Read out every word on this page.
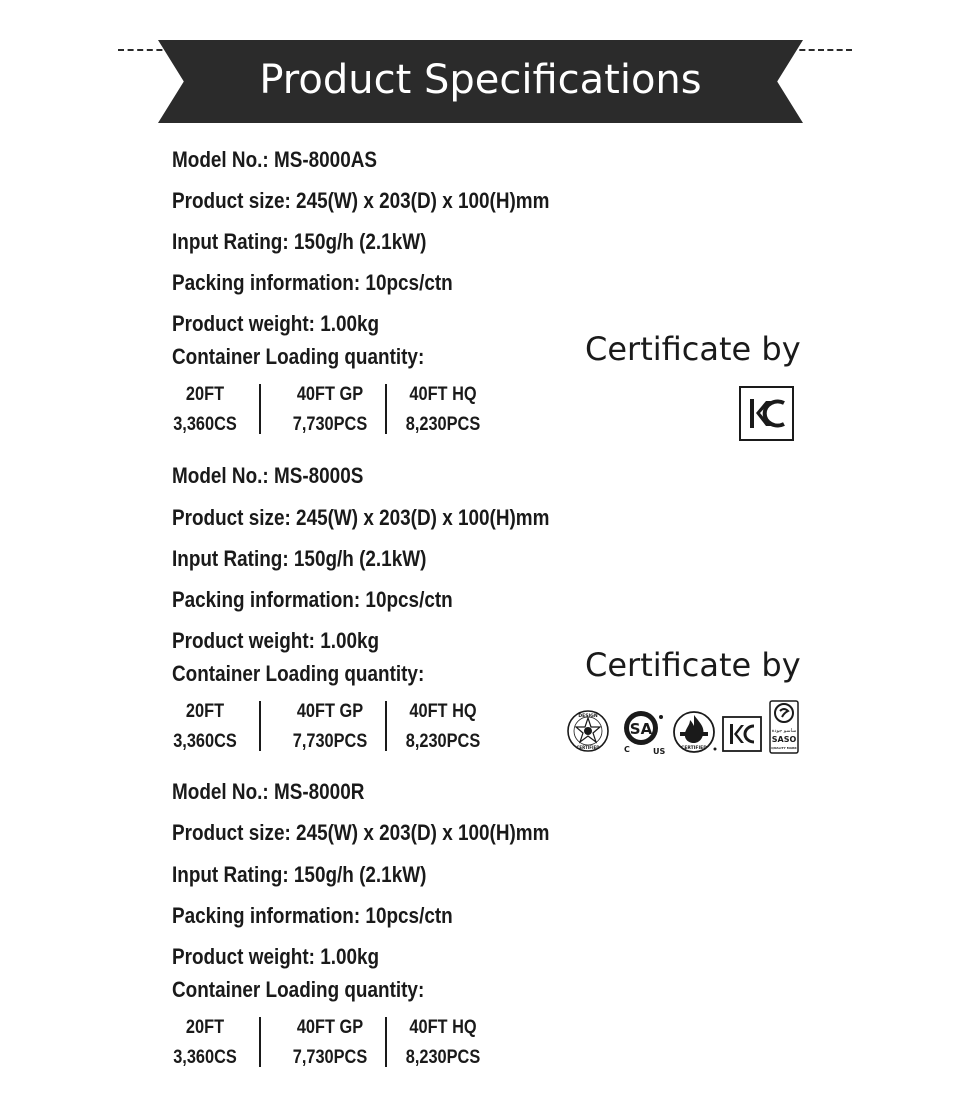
Product Specifications
Model No.: MS-8000AS
Product size: 245(W) x 203(D) x 100(H)mm
Input Rating: 150g/h (2.1kW)
Packing information: 10pcs/ctn
Product weight: 1.00kg
Container Loading quantity:
20FT
3,360CS
40FT GP
7,730PCS
40FT HQ
8,230PCS
Certificate by
Model No.: MS-8000S
Product size: 245(W) x 203(D) x 100(H)mm
Input Rating: 150g/h (2.1kW)
Packing information: 10pcs/ctn
Product weight: 1.00kg
Container Loading quantity:
20FT
3,360CS
40FT GP
7,730PCS
40FT HQ
8,230PCS
Certificate by
DESIGN
CERTIFIED
SA
C	US	CERTIFIED
ﺳﺎﺳﻮ ﺟﻮﺩﺓ
SASO
QUALITY MARK
Model No.: MS-8000R
Product size: 245(W) x 203(D) x 100(H)mm
Input Rating: 150g/h (2.1kW)
Packing information: 10pcs/ctn
Product weight: 1.00kg
Container Loading quantity:
20FT
3,360CS
40FT GP
7,730PCS
40FT HQ
8,230PCS
